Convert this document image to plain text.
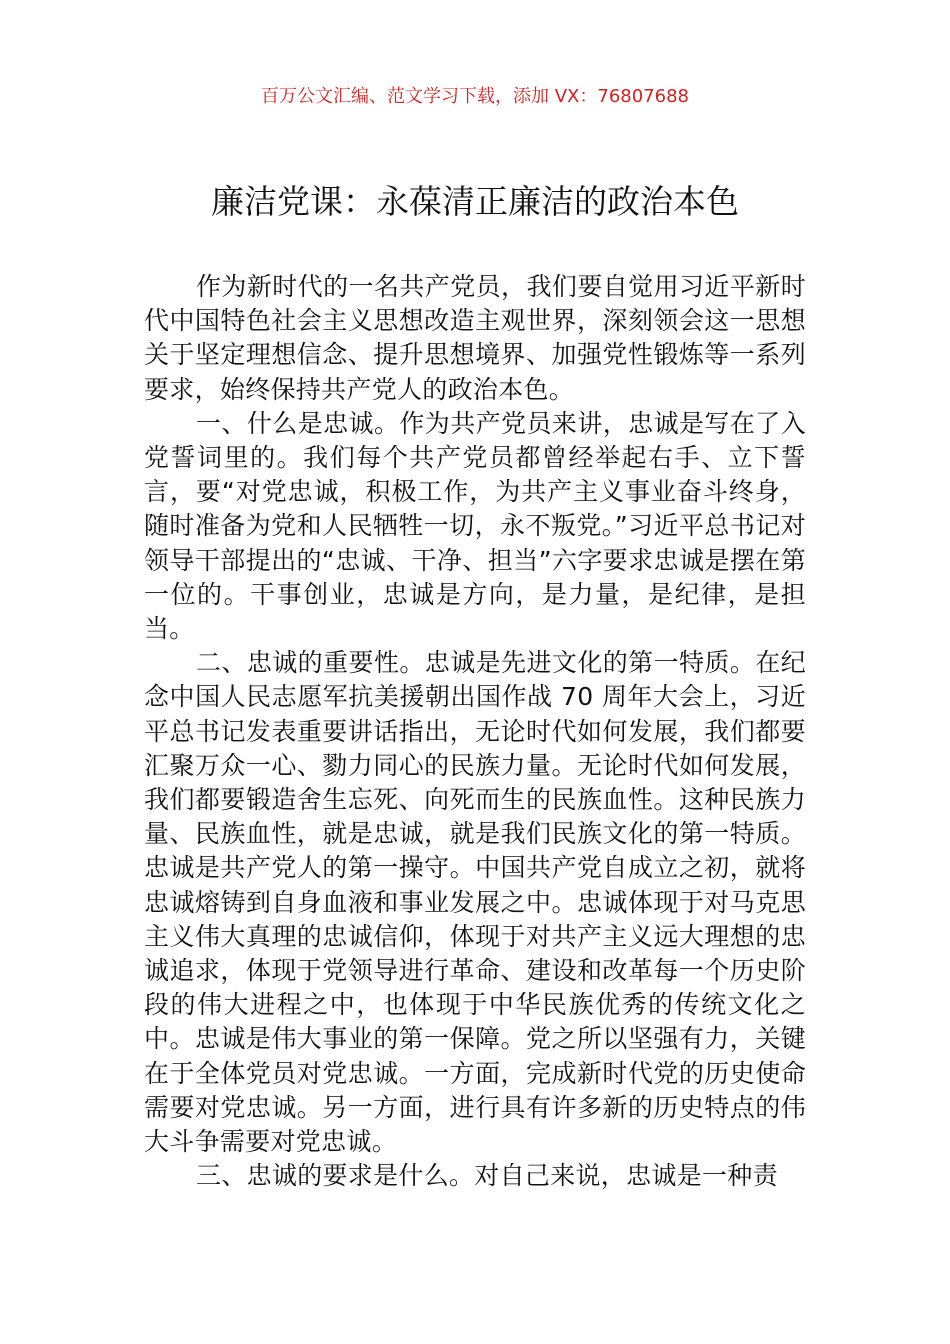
百万公文汇编、范文学习下载，添加 VX：76807688
廉洁党课：永葆清正廉洁的政治本色

作为新时代的一名共产党员，我们要自觉用习近平新时代中国特色社会主义思想改造主观世界，深刻领会这一思想关于坚定理想信念、提升思想境界、加强党性锻炼等一系列要求，始终保持共产党人的政治本色。

一、什么是忠诚。作为共产党员来讲，忠诚是写在了入党誓词里的。我们每个共产党员都曾经举起右手、立下誓言，要“对党忠诚，积极工作，为共产主义事业奋斗终身，随时准备为党和人民牺牲一切，永不叛党。”习近平总书记对领导干部提出的“忠诚、干净、担当”六字要求忠诚是摆在第一位的。干事创业，忠诚是方向，是力量，是纪律，是担当。

二、忠诚的重要性。忠诚是先进文化的第一特质。在纪念中国人民志愿军抗美援朝出国作战 70 周年大会上，习近平总书记发表重要讲话指出，无论时代如何发展，我们都要汇聚万众一心、勠力同心的民族力量。无论时代如何发展，我们都要锻造舍生忘死、向死而生的民族血性。这种民族力量、民族血性，就是忠诚，就是我们民族文化的第一特质。忠诚是共产党人的第一操守。中国共产党自成立之初，就将忠诚熔铸到自身血液和事业发展之中。忠诚体现于对马克思主义伟大真理的忠诚信仰，体现于对共产主义远大理想的忠诚追求，体现于党领导进行革命、建设和改革每一个历史阶段的伟大进程之中，也体现于中华民族优秀的传统文化之中。忠诚是伟大事业的第一保障。党之所以坚强有力，关键在于全体党员对党忠诚。一方面，完成新时代党的历史使命需要对党忠诚。另一方面，进行具有许多新的历史特点的伟大斗争需要对党忠诚。

三、忠诚的要求是什么。对自己来说，忠诚是一种责
